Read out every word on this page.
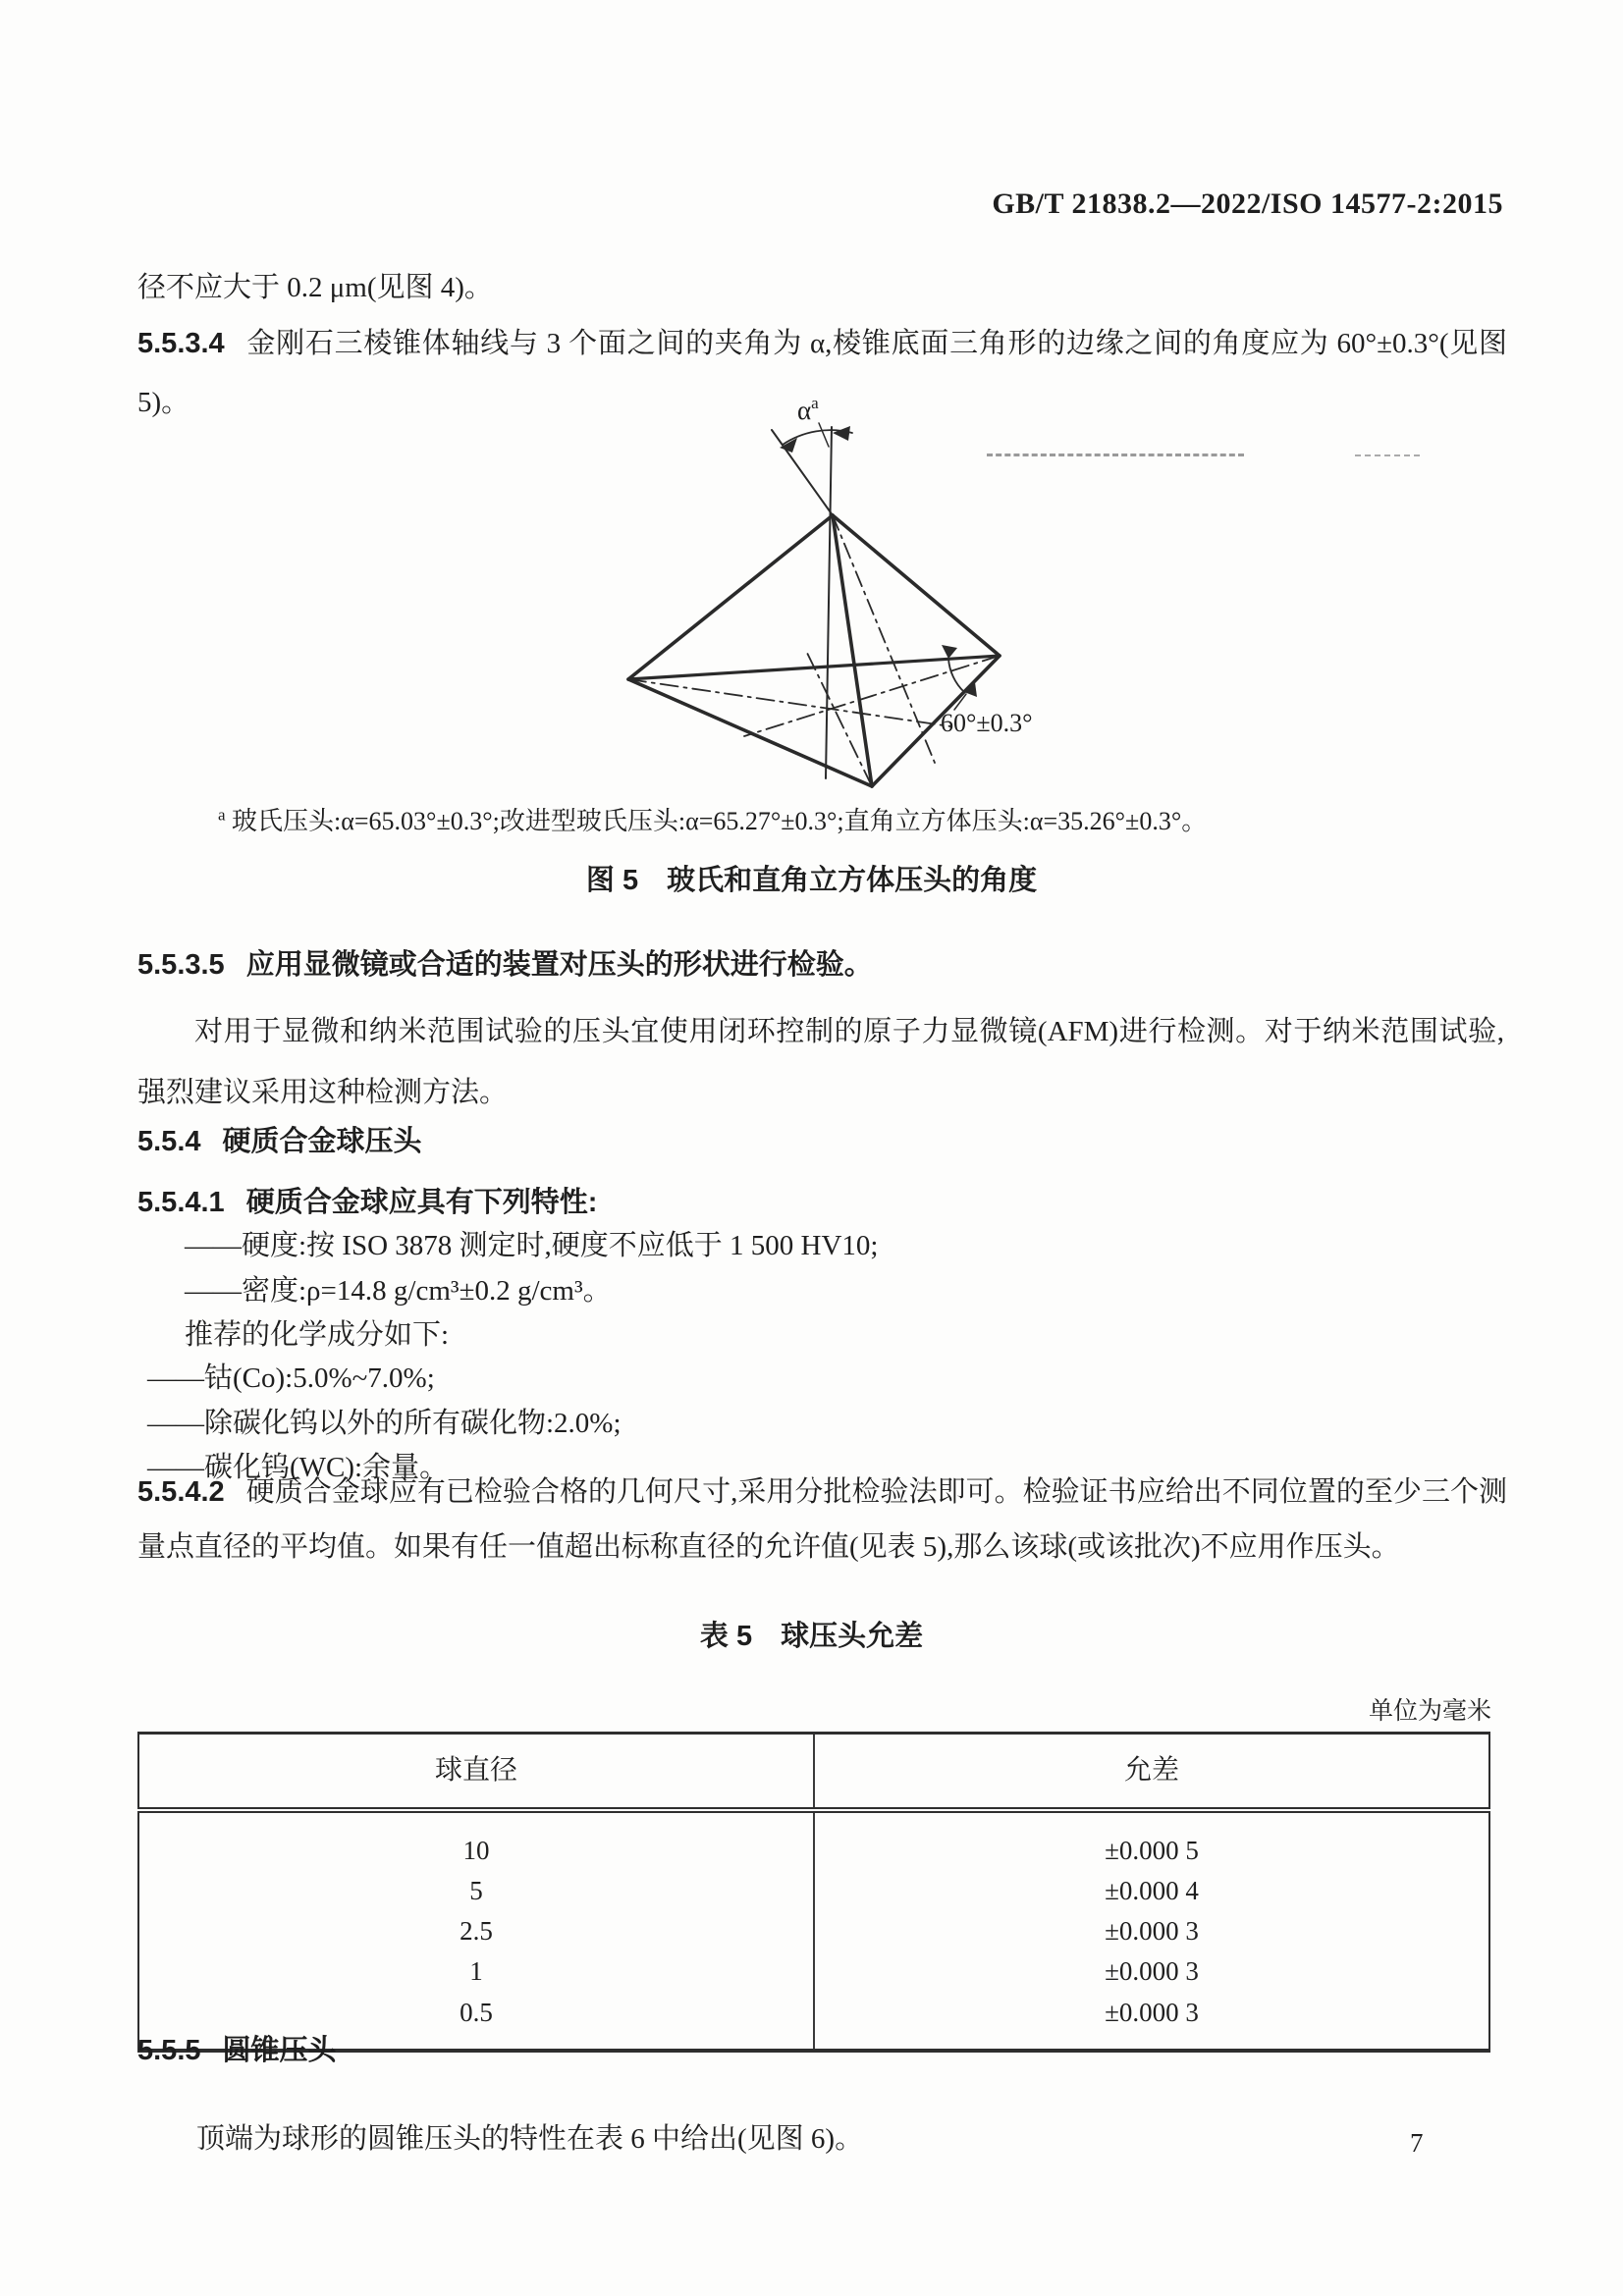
GB/T 21838.2—2022/ISO 14577-2:2015
径不应大于 0.2 μm(见图 4)。
5.5.3.4 金刚石三棱锥体轴线与 3 个面之间的夹角为 α,棱锥底面三角形的边缘之间的角度应为 60°±0.3°(见图 5)。	$\alpha^a$
60°±0.3°
$^a$ 玻氏压头:α=65.03°±0.3°;改进型玻氏压头:α=65.27°±0.3°;直角立方体压头:α=35.26°±0.3°。
图 5　玻氏和直角立方体压头的角度
5.5.3.5 应用显微镜或合适的装置对压头的形状进行检验。
对用于显微和纳米范围试验的压头宜使用闭环控制的原子力显微镜(AFM)进行检测。对于纳米范围试验,强烈建议采用这种检测方法。
5.5.4 硬质合金球压头
5.5.4.1 硬质合金球应具有下列特性:
——硬度:按 ISO 3878 测定时,硬度不应低于 1 500 HV10;
——密度:ρ=14.8 g/cm³±0.2 g/cm³。
推荐的化学成分如下:
——钴(Co):5.0%~7.0%;
——除碳化钨以外的所有碳化物:2.0%;
——碳化钨(WC):余量。
5.5.4.2 硬质合金球应有已检验合格的几何尺寸,采用分批检验法即可。检验证书应给出不同位置的至少三个测量点直径的平均值。如果有任一值超出标称直径的允许值(见表 5),那么该球(或该批次)不应用作压头。
表 5　球压头允差
单位为毫米
球直径	允差

10	±0.000 5
5	±0.000 4
2.5	±0.000 3
1	±0.000 3
0.5	±0.000 3

5.5.5 圆锥压头
顶端为球形的圆锥压头的特性在表 6 中给出(见图 6)。	7
